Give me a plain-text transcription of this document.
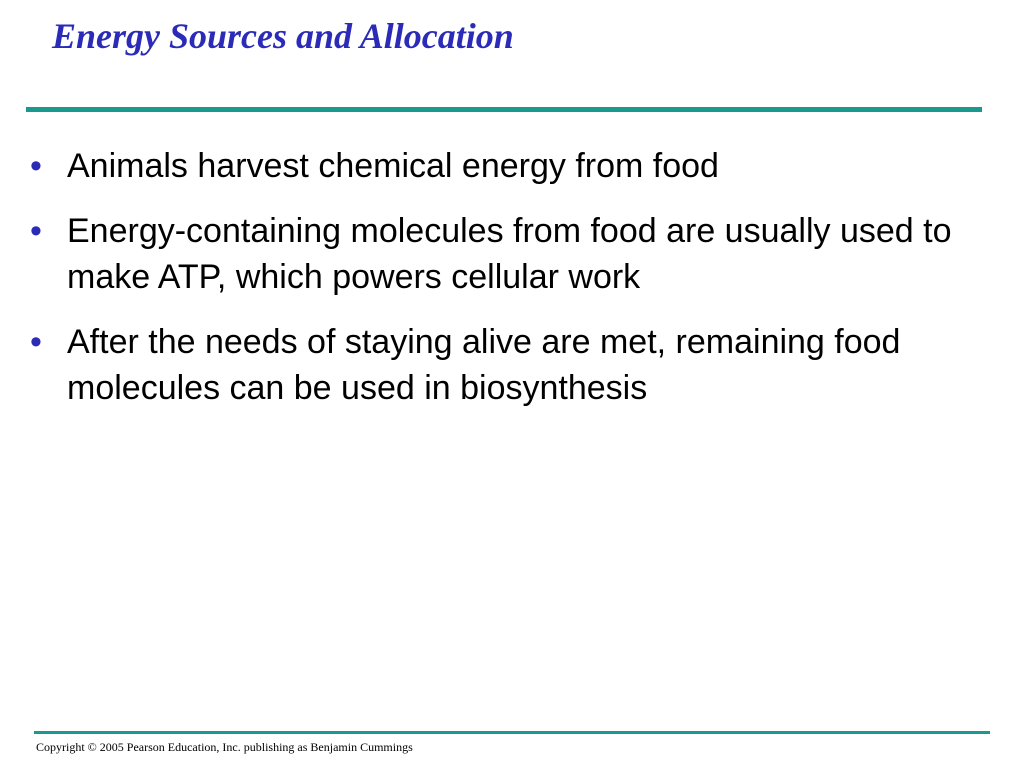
Energy Sources and Allocation
• Animals harvest chemical energy from food
• Energy-containing molecules from food are usually used to make ATP, which powers cellular work
• After the needs of staying alive are met, remaining food molecules can be used in biosynthesis
Copyright © 2005 Pearson Education, Inc. publishing as Benjamin Cummings
